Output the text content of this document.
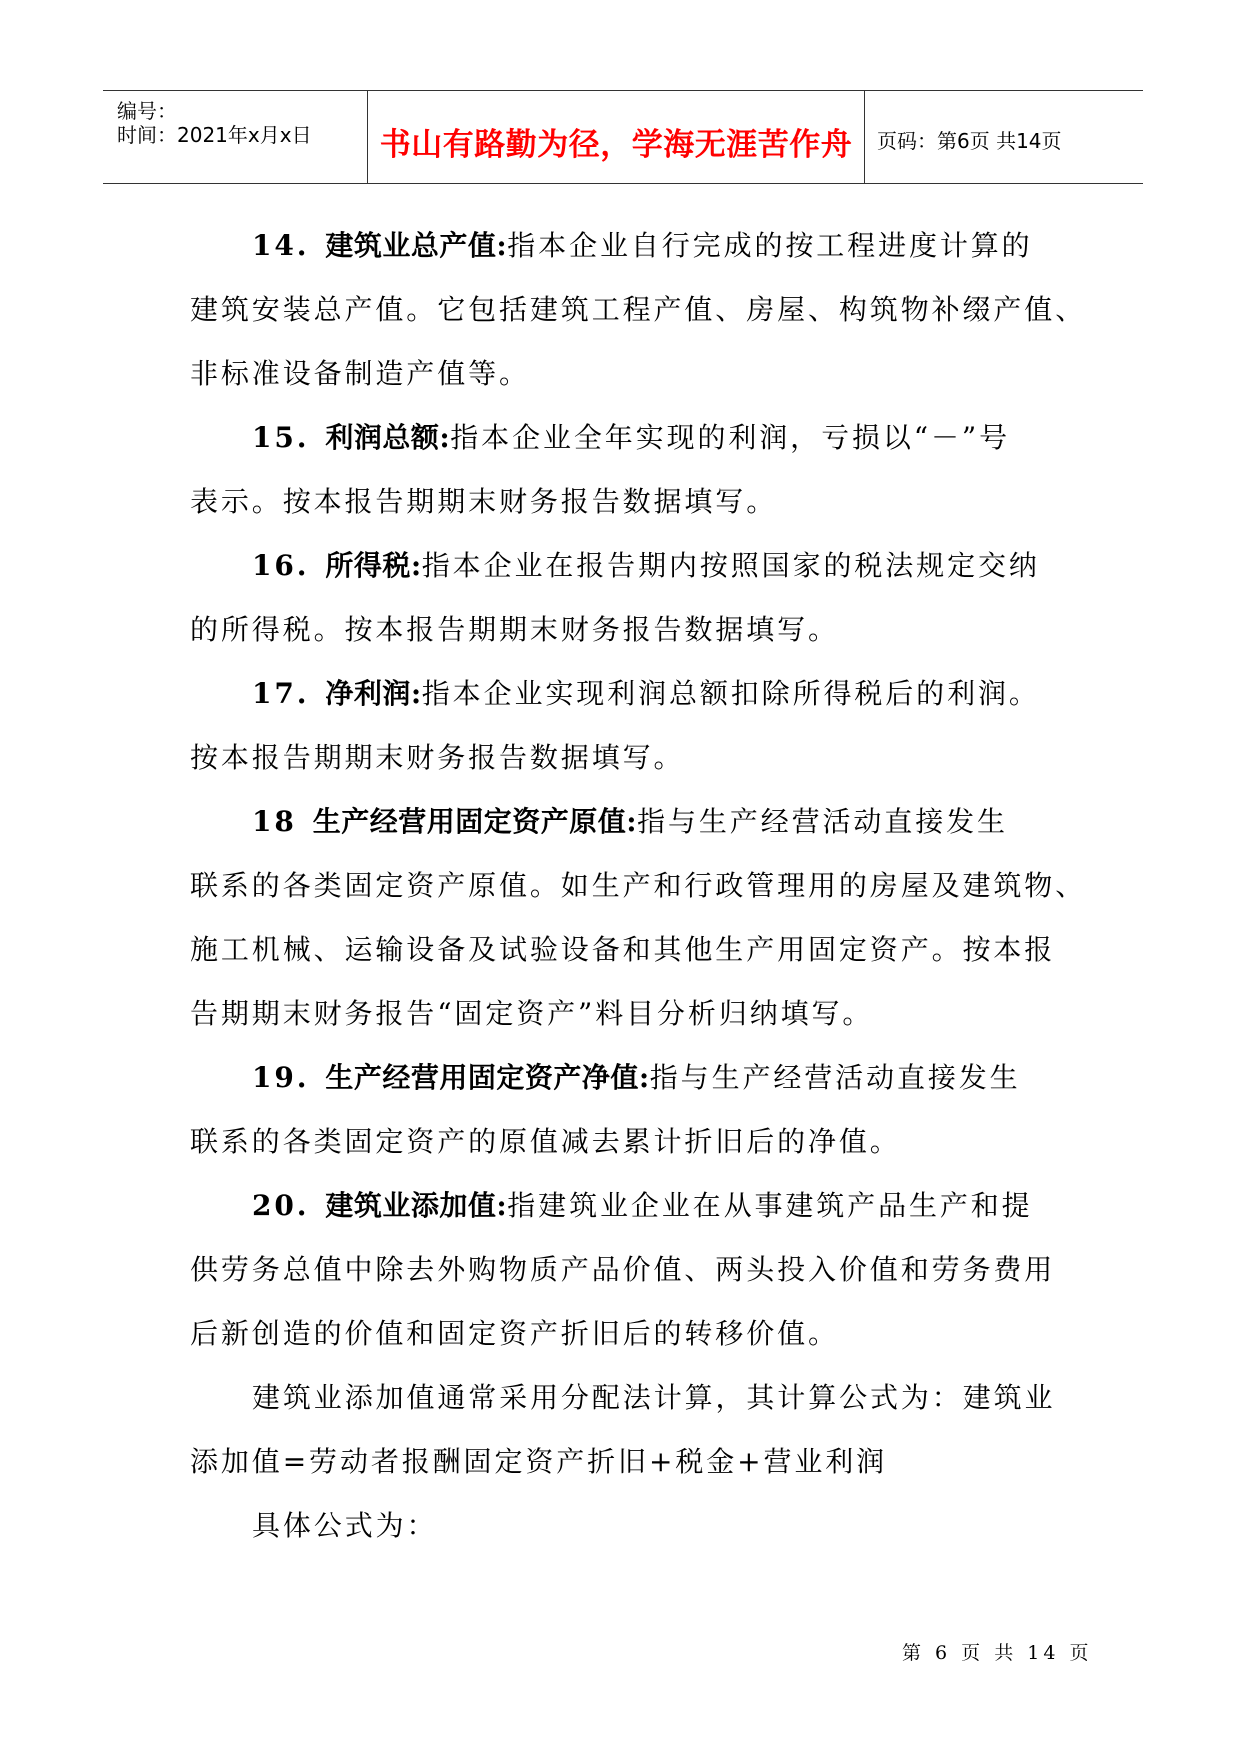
编号：
时间：2021年x月x日	书山有路勤为径，学海无涯苦作舟	页码：第6页 共14页

14. 建筑业总产值:指本企业自行完成的按工程进度计算的
建筑安装总产值。它包括建筑工程产值、房屋、构筑物补缀产值、
非标准设备制造产值等。

15. 利润总额:指本企业全年实现的利润，亏损以“－”号
表示。按本报告期期末财务报告数据填写。

16. 所得税:指本企业在报告期内按照国家的税法规定交纳
的所得税。按本报告期期末财务报告数据填写。

17. 净利润:指本企业实现利润总额扣除所得税后的利润。
按本报告期期末财务报告数据填写。

18 生产经营用固定资产原值:指与生产经营活动直接发生
联系的各类固定资产原值。如生产和行政管理用的房屋及建筑物、
施工机械、运输设备及试验设备和其他生产用固定资产。按本报
告期期末财务报告“固定资产”料目分析归纳填写。

19. 生产经营用固定资产净值:指与生产经营活动直接发生
联系的各类固定资产的原值减去累计折旧后的净值。

20. 建筑业添加值:指建筑业企业在从事建筑产品生产和提
供劳务总值中除去外购物质产品价值、两头投入价值和劳务费用
后新创造的价值和固定资产折旧后的转移价值。

建筑业添加值通常采用分配法计算，其计算公式为：建筑业
添加值=劳动者报酬固定资产折旧+税金+营业利润

具体公式为：

第 6 页 共 14 页
